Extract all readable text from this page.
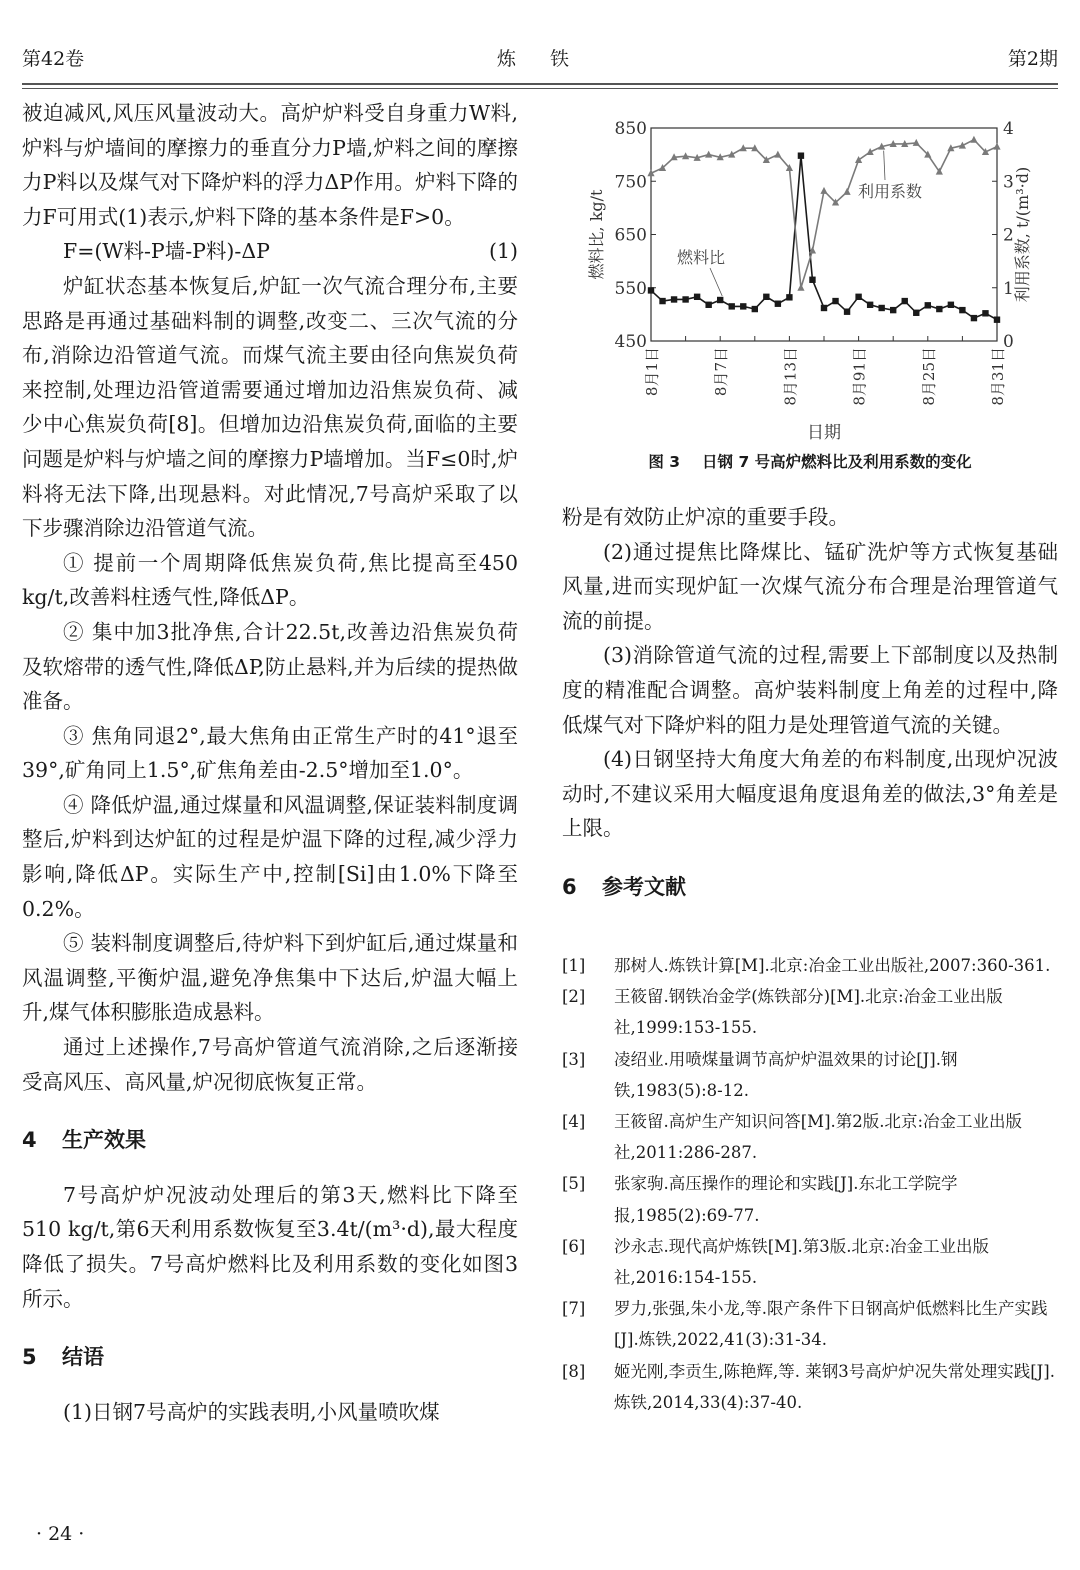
第42卷	炼 铁	第2期

被迫减风,风压风量波动大。高炉炉料受自身重力W料,炉料与炉墙间的摩擦力的垂直分力P墙,炉料之间的摩擦力P料以及煤气对下降炉料的浮力ΔP作用。炉料下降的力F可用式(1)表示,炉料下降的基本条件是F>0。

F=(W料-P墙-P料)-ΔP	(1)

炉缸状态基本恢复后,炉缸一次气流合理分布,主要思路是再通过基础料制的调整,改变二、三次气流的分布,消除边沿管道气流。而煤气流主要由径向焦炭负荷来控制,处理边沿管道需要通过增加边沿焦炭负荷、减少中心焦炭负荷[8]。但增加边沿焦炭负荷,面临的主要问题是炉料与炉墙之间的摩擦力P墙增加。当F≤0时,炉料将无法下降,出现悬料。对此情况,7号高炉采取了以下步骤消除边沿管道气流。

① 提前一个周期降低焦炭负荷,焦比提高至450 kg/t,改善料柱透气性,降低ΔP。

② 集中加3批净焦,合计22.5t,改善边沿焦炭负荷及软熔带的透气性,降低ΔP,防止悬料,并为后续的提热做准备。

③ 焦角同退2°,最大焦角由正常生产时的41°退至39°,矿角同上1.5°,矿焦角差由-2.5°增加至1.0°。

④ 降低炉温,通过煤量和风温调整,保证装料制度调整后,炉料到达炉缸的过程是炉温下降的过程,减少浮力影响,降低ΔP。实际生产中,控制[Si]由1.0%下降至0.2%。

⑤ 装料制度调整后,待炉料下到炉缸后,通过煤量和风温调整,平衡炉温,避免净焦集中下达后,炉温大幅上升,煤气体积膨胀造成悬料。

通过上述操作,7号高炉管道气流消除,之后逐渐接受高风压、高风量,炉况彻底恢复正常。

4 生产效果

7号高炉炉况波动处理后的第3天,燃料比下降至510 kg/t,第6天利用系数恢复至3.4t/(m³·d),最大程度降低了损失。7号高炉燃料比及利用系数的变化如图3所示。

5 结语

(1)日钢7号高炉的实践表明,小风量喷吹煤

450
550
650
750
850
0
1
2
3
4
8月1日	8月7日	8月13日	8月91日	8月25日	8月31日
日期
燃料比, kg/t	利用系数, t/(m³·d)
燃料比
利用系数
图 3 日钢 7 号高炉燃料比及利用系数的变化

粉是有效防止炉凉的重要手段。

(2)通过提焦比降煤比、锰矿洗炉等方式恢复基础风量,进而实现炉缸一次煤气流分布合理是治理管道气流的前提。

(3)消除管道气流的过程,需要上下部制度以及热制度的精准配合调整。高炉装料制度上角差的过程中,降低煤气对下降炉料的阻力是处理管道气流的关键。

(4)日钢坚持大角度大角差的布料制度,出现炉况波动时,不建议采用大幅度退角度退角差的做法,3°角差是上限。

6 参考文献

[1]	那树人.炼铁计算[M].北京:冶金工业出版社,2007:360-361.
[2]	王筱留.钢铁冶金学(炼铁部分)[M].北京:冶金工业出版社,1999:153-155.
[3]	凌绍业.用喷煤量调节高炉炉温效果的讨论[J].钢铁,1983(5):8-12.
[4]	王筱留.高炉生产知识问答[M].第2版.北京:冶金工业出版社,2011:286-287.
[5]	张家驹.高压操作的理论和实践[J].东北工学院学报,1985(2):69-77.
[6]	沙永志.现代高炉炼铁[M].第3版.北京:冶金工业出版社,2016:154-155.
[7]	罗力,张强,朱小龙,等.限产条件下日钢高炉低燃料比生产实践[J].炼铁,2022,41(3):31-34.
[8]	姬光刚,李贡生,陈艳辉,等. 莱钢3号高炉炉况失常处理实践[J].炼铁,2014,33(4):37-40.
· 24 ·
